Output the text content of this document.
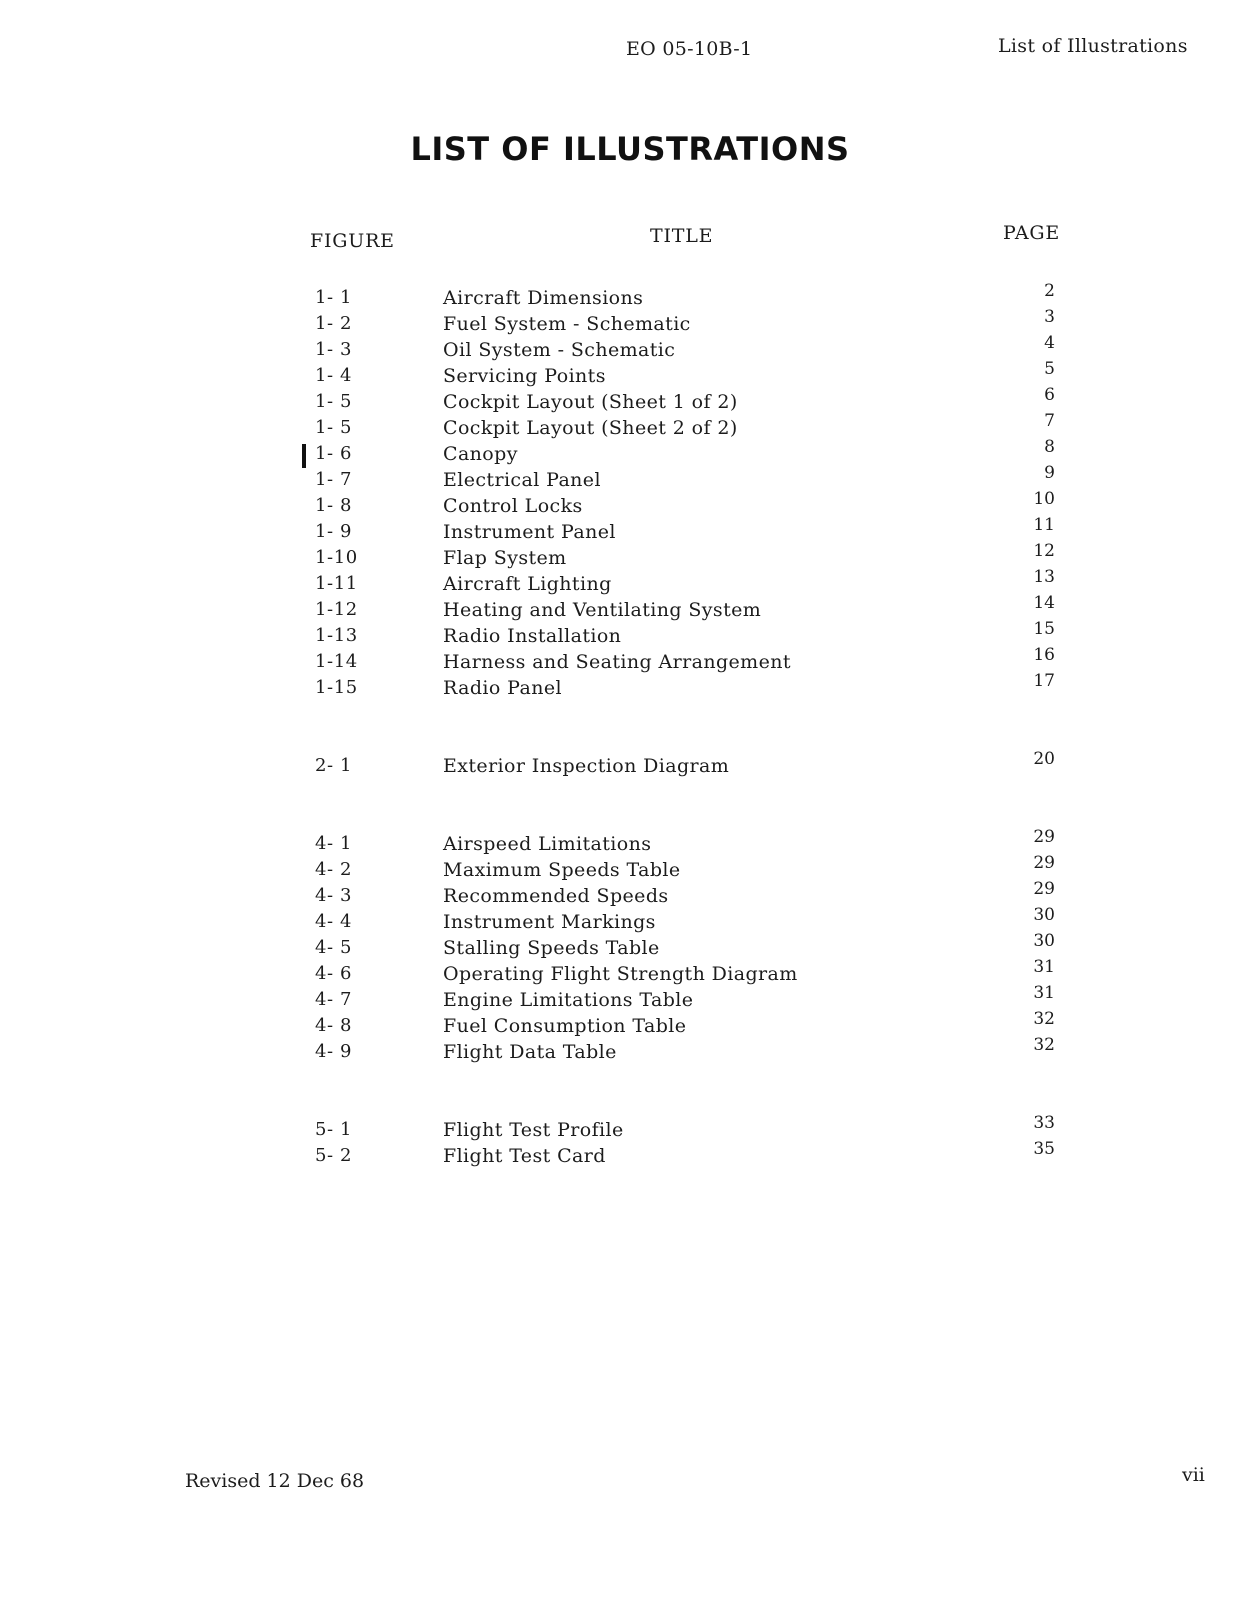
EO 05-10B-1	List of Illustrations
LIST OF ILLUSTRATIONS
FIGURE	TITLE	PAGE
1- 1	Aircraft Dimensions	2
1- 2	Fuel System - Schematic	3
1- 3	Oil System - Schematic	4
1- 4	Servicing Points	5
1- 5	Cockpit Layout (Sheet 1 of 2)	6
1- 5	Cockpit Layout (Sheet 2 of 2)	7
1- 6	Canopy	8
1- 7	Electrical Panel	9
1- 8	Control Locks	10
1- 9	Instrument Panel	11
1-10	Flap System	12
1-11	Aircraft Lighting	13
1-12	Heating and Ventilating System	14
1-13	Radio Installation	15
1-14	Harness and Seating Arrangement	16
1-15	Radio Panel	17
2- 1	Exterior Inspection Diagram	20
4- 1	Airspeed Limitations	29
4- 2	Maximum Speeds Table	29
4- 3	Recommended Speeds	29
4- 4	Instrument Markings	30
4- 5	Stalling Speeds Table	30
4- 6	Operating Flight Strength Diagram	31
4- 7	Engine Limitations Table	31
4- 8	Fuel Consumption Table	32
4- 9	Flight Data Table	32
5- 1	Flight Test Profile	33
5- 2	Flight Test Card	35
Revised 12 Dec 68	vii
